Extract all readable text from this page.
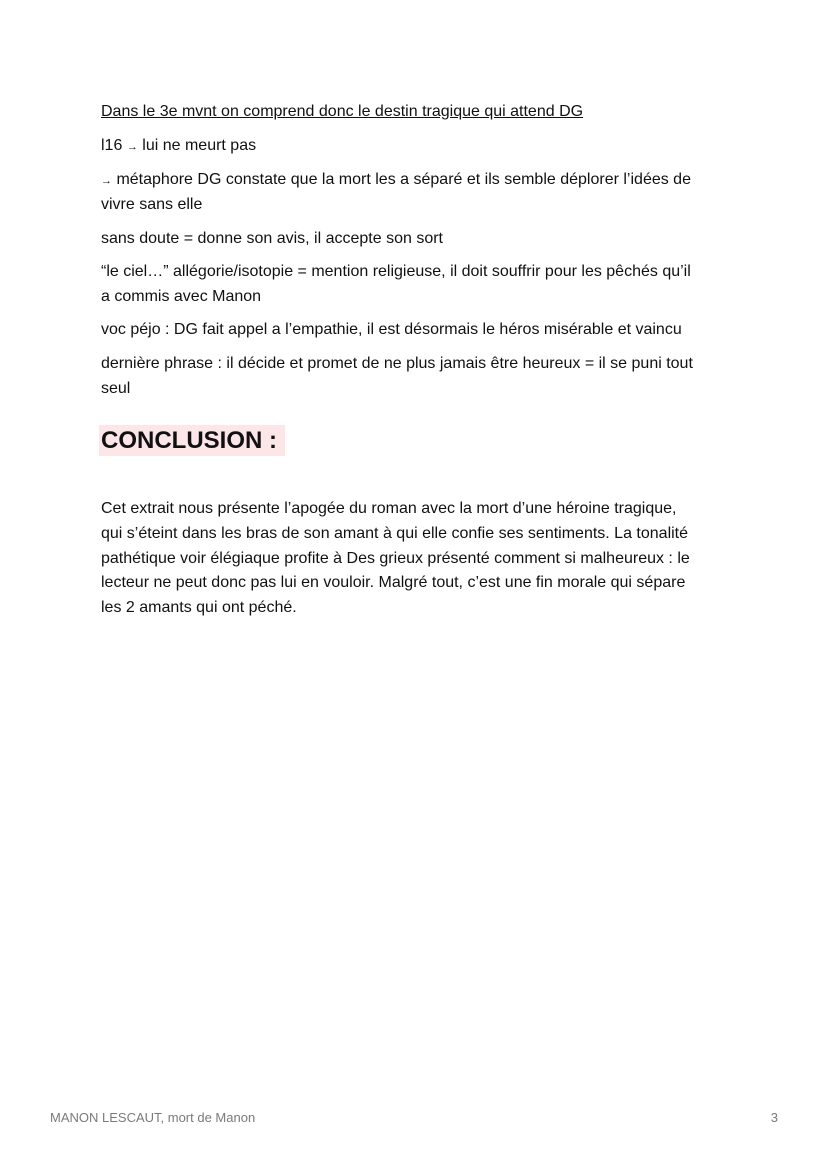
Dans le 3e mvnt on comprend donc le destin tragique qui attend DG
l16 → lui ne meurt pas
→ métaphore DG constate que la mort les a séparé et ils semble déplorer l’idées de
vivre sans elle
sans doute = donne son avis, il accepte son sort
“le ciel…” allégorie/isotopie = mention religieuse, il doit souffrir pour les pêchés qu’il
a commis avec Manon
voc péjo : DG fait appel a l’empathie, il est désormais le héros misérable et vaincu
dernière phrase : il décide et promet de ne plus jamais être heureux = il se puni tout
seul
CONCLUSION :
Cet extrait nous présente l’apogée du roman avec la mort d’une héroine tragique,
qui s’éteint dans les bras de son amant à qui elle confie ses sentiments. La tonalité
pathétique voir élégiaque profite à Des grieux présenté comment si malheureux : le
lecteur ne peut donc pas lui en vouloir. Malgré tout, c’est une fin morale qui sépare
les 2 amants qui ont péché.
MANON LESCAUT, mort de Manon	3
